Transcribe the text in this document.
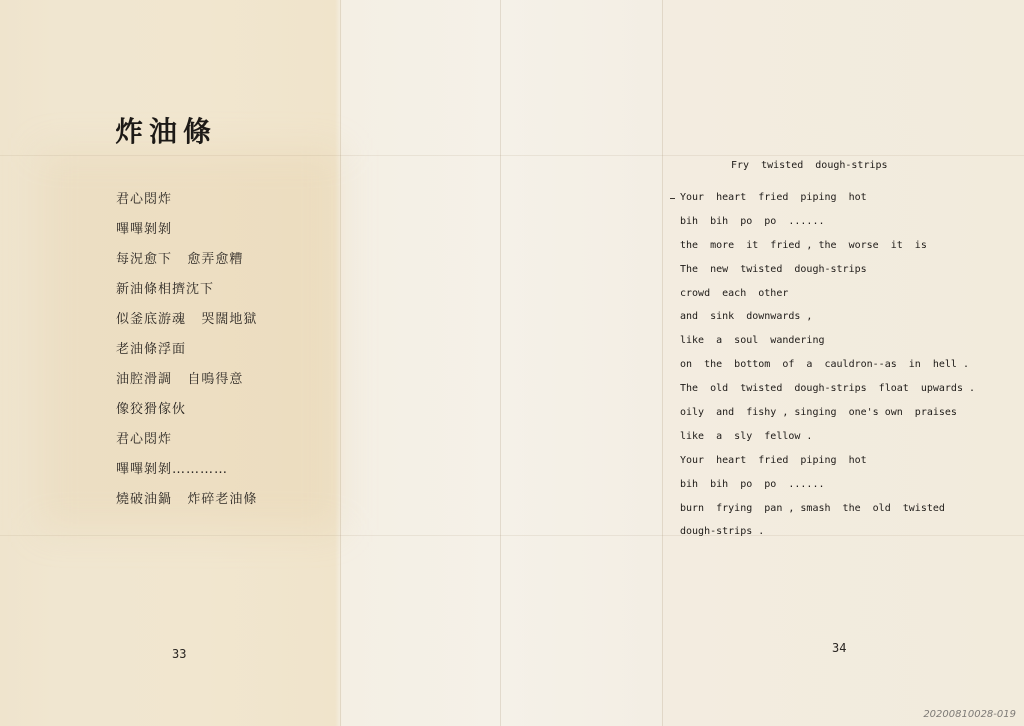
炸油條
君心悶炸
嗶嗶剝剝
每況愈下   愈弄愈糟
新油條相擠沈下
似釜底游魂   哭闊地獄
老油條浮面
油腔滑調   自鳴得意
像狡猾傢伙
君心悶炸
嗶嗶剝剝…………
燒破油鍋   炸碎老油條
33
Fry  twisted  dough-strips
Your  heart  fried  piping  hot
bih  bih  po  po  ......
the  more  it  fried , the  worse  it  is
The  new  twisted  dough-strips
crowd  each  other
and  sink  downwards ,
like  a  soul  wandering
on  the  bottom  of  a  cauldron--as  in  hell .
The  old  twisted  dough-strips  float  upwards .
oily  and  fishy , singing  one's own  praises
like  a  sly  fellow .
Your  heart  fried  piping  hot
bih  bih  po  po  ......
burn  frying  pan , smash  the  old  twisted
dough-strips .
34
20200810028-019
